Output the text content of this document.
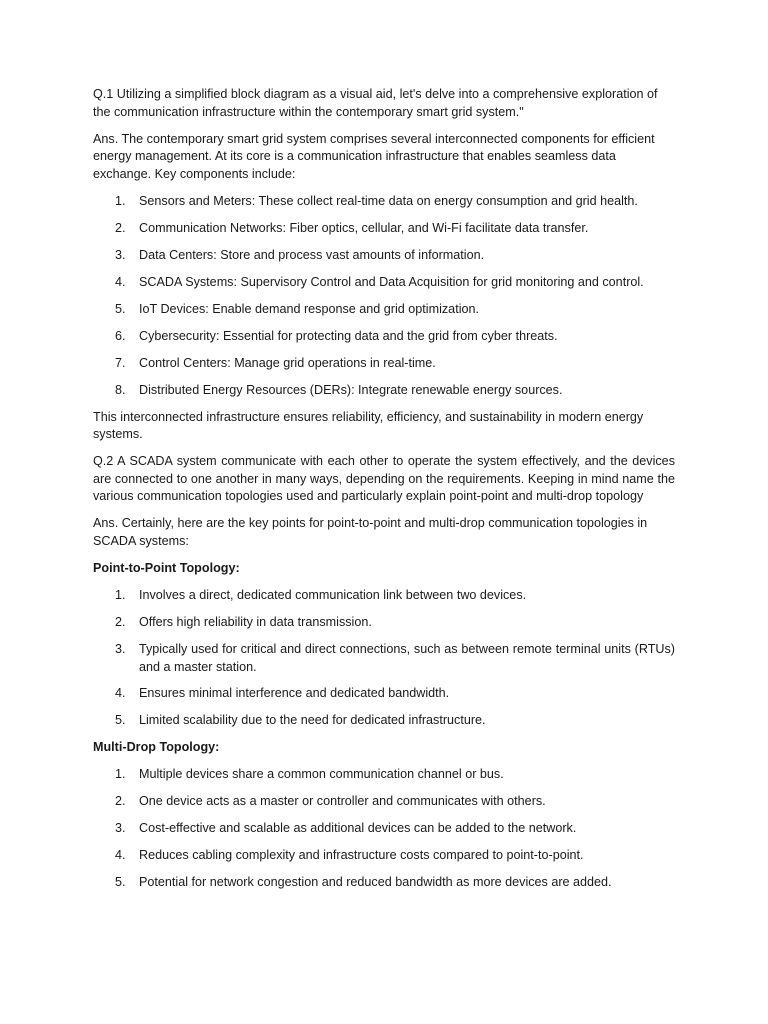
Q.1 Utilizing a simplified block diagram as a visual aid, let's delve into a comprehensive exploration of the communication infrastructure within the contemporary smart grid system."

Ans. The contemporary smart grid system comprises several interconnected components for efficient energy management. At its core is a communication infrastructure that enables seamless data exchange. Key components include:

1. Sensors and Meters: These collect real-time data on energy consumption and grid health.
2. Communication Networks: Fiber optics, cellular, and Wi-Fi facilitate data transfer.
3. Data Centers: Store and process vast amounts of information.
4. SCADA Systems: Supervisory Control and Data Acquisition for grid monitoring and control.
5. IoT Devices: Enable demand response and grid optimization.
6. Cybersecurity: Essential for protecting data and the grid from cyber threats.
7. Control Centers: Manage grid operations in real-time.
8. Distributed Energy Resources (DERs): Integrate renewable energy sources.

This interconnected infrastructure ensures reliability, efficiency, and sustainability in modern energy systems.

Q.2 A SCADA system communicate with each other to operate the system effectively, and the devices are connected to one another in many ways, depending on the requirements. Keeping in mind name the various communication topologies used and particularly explain point-point and multi-drop topology

Ans. Certainly, here are the key points for point-to-point and multi-drop communication topologies in SCADA systems:

Point-to-Point Topology:

1. Involves a direct, dedicated communication link between two devices.
2. Offers high reliability in data transmission.
3. Typically used for critical and direct connections, such as between remote terminal units (RTUs) and a master station.
4. Ensures minimal interference and dedicated bandwidth.
5. Limited scalability due to the need for dedicated infrastructure.

Multi-Drop Topology:

1. Multiple devices share a common communication channel or bus.
2. One device acts as a master or controller and communicates with others.
3. Cost-effective and scalable as additional devices can be added to the network.
4. Reduces cabling complexity and infrastructure costs compared to point-to-point.
5. Potential for network congestion and reduced bandwidth as more devices are added.
